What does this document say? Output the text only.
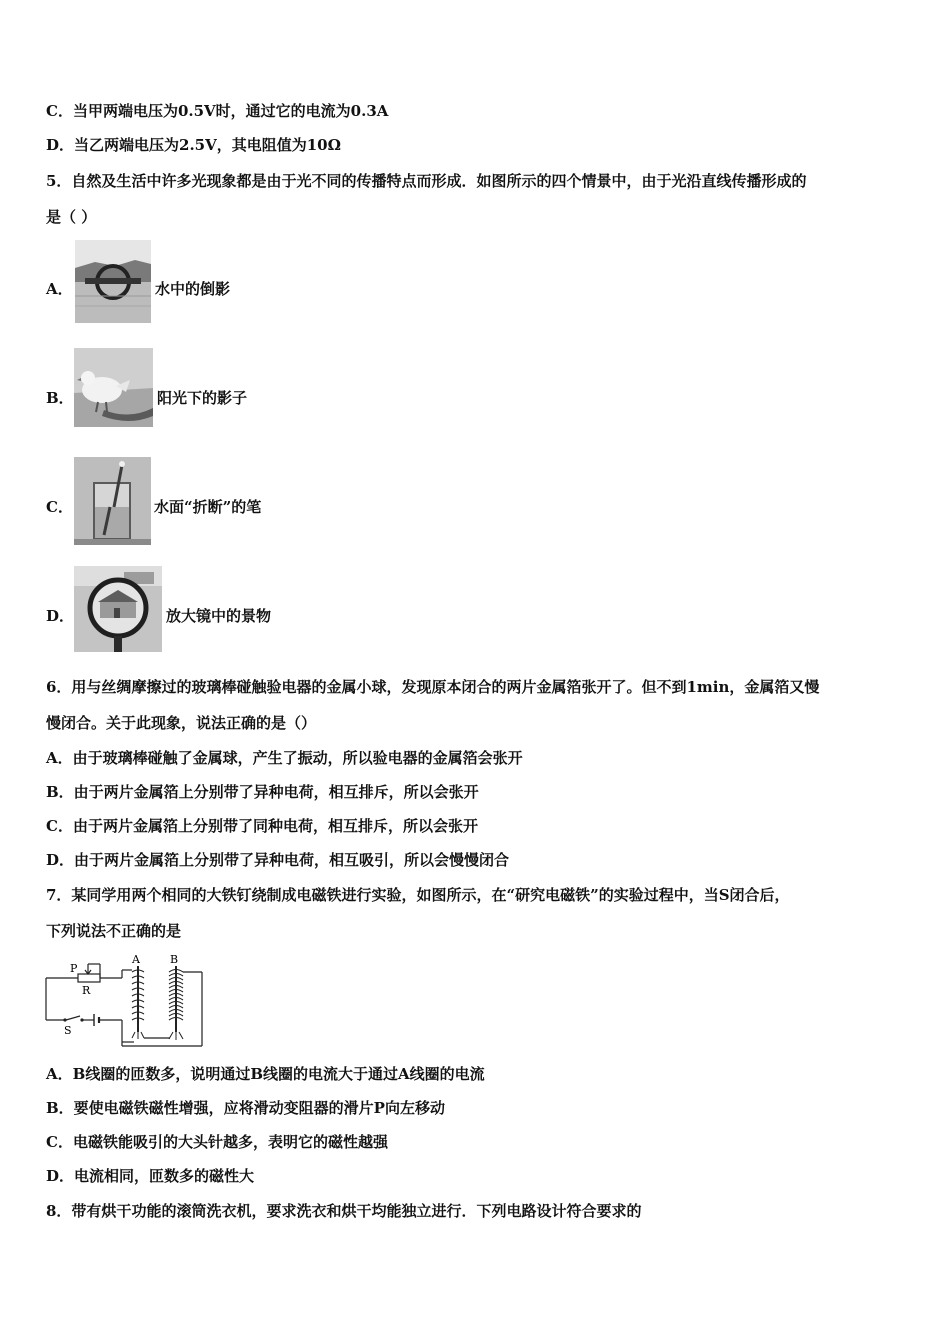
C．当甲两端电压为0.5V时，通过它的电流为0.3A
D．当乙两端电压为2.5V，其电阻值为10Ω
5．自然及生活中许多光现象都是由于光不同的传播特点而形成．如图所示的四个情景中，由于光沿直线传播形成的
是（ ）
A．	水中的倒影
B．	阳光下的影子
C．	水面“折断”的笔
D．	放大镜中的景物
6．用与丝绸摩擦过的玻璃棒碰触验电器的金属小球，发现原本闭合的两片金属箔张开了。但不到1min，金属箔又慢
慢闭合。关于此现象，说法正确的是（）
A．由于玻璃棒碰触了金属球，产生了振动，所以验电器的金属箔会张开
B．由于两片金属箔上分别带了异种电荷，相互排斥，所以会张开
C．由于两片金属箔上分别带了同种电荷，相互排斥，所以会张开
D．由于两片金属箔上分别带了异种电荷，相互吸引，所以会慢慢闭合
7．某同学用两个相同的大铁钉绕制成电磁铁进行实验，如图所示，在“研究电磁铁”的实验过程中，当S闭合后，
下列说法不正确的是
P
R
S
A	B
A．B线圈的匝数多，说明通过B线圈的电流大于通过A线圈的电流
B．要使电磁铁磁性增强，应将滑动变阻器的滑片P向左移动
C．电磁铁能吸引的大头针越多，表明它的磁性越强
D．电流相同，匝数多的磁性大
8．带有烘干功能的滚筒洗衣机，要求洗衣和烘干均能独立进行．下列电路设计符合要求的
